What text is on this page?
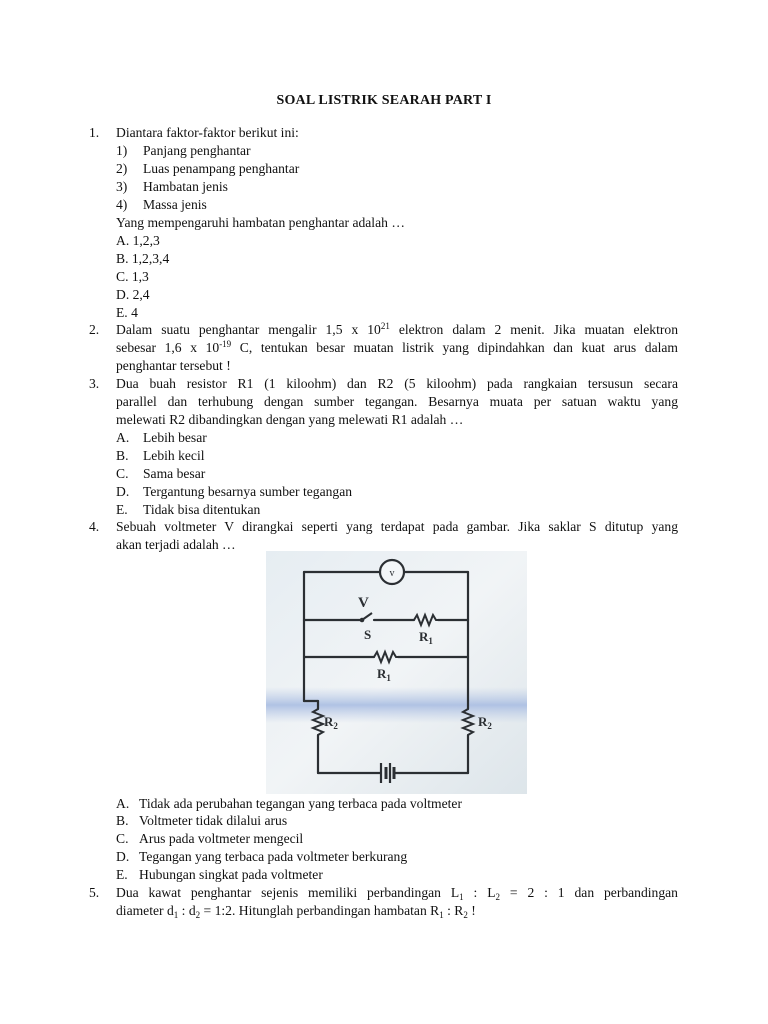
SOAL LISTRIK SEARAH PART I
1. Diantara faktor-faktor berikut ini:
1) Panjang penghantar
2) Luas penampang penghantar
3) Hambatan jenis
4) Massa jenis
Yang mempengaruhi hambatan penghantar adalah …
A. 1,2,3
B. 1,2,3,4
C. 1,3
D. 2,4
E. 4
2. Dalam suatu penghantar mengalir 1,5 x $10^{21}$ elektron dalam 2 menit. Jika muatan elektron
sebesar 1,6 x $10^{-19}$ C, tentukan besar muatan listrik yang dipindahkan dan kuat arus dalam
penghantar tersebut !
3. Dua buah resistor R1 (1 kiloohm) dan R2 (5 kiloohm) pada rangkaian tersusun secara
parallel dan terhubung dengan sumber tegangan. Besarnya muata per satuan waktu yang
melewati R2 dibandingkan dengan yang melewati R1 adalah …
A. Lebih besar
B. Lebih kecil
C. Sama besar
D. Tergantung besarnya sumber tegangan
E. Tidak bisa ditentukan
4. Sebuah voltmeter V dirangkai seperti yang terdapat pada gambar. Jika saklar S ditutup yang
akan terjadi adalah …
v
V
S	$R_1$
$R_1$
$R_2$	$R_2$
A. Tidak ada perubahan tegangan yang terbaca pada voltmeter
B. Voltmeter tidak dilalui arus
C. Arus pada voltmeter mengecil
D. Tegangan yang terbaca pada voltmeter berkurang
E. Hubungan singkat pada voltmeter
5. Dua kawat penghantar sejenis memiliki perbandingan $L_1$ : $L_2 = 2$ : 1 dan perbandingan
diameter $d_1$ : $d_2$ = 1:2. Hitunglah perbandingan hambatan $R_1$ : $R_2$ !
